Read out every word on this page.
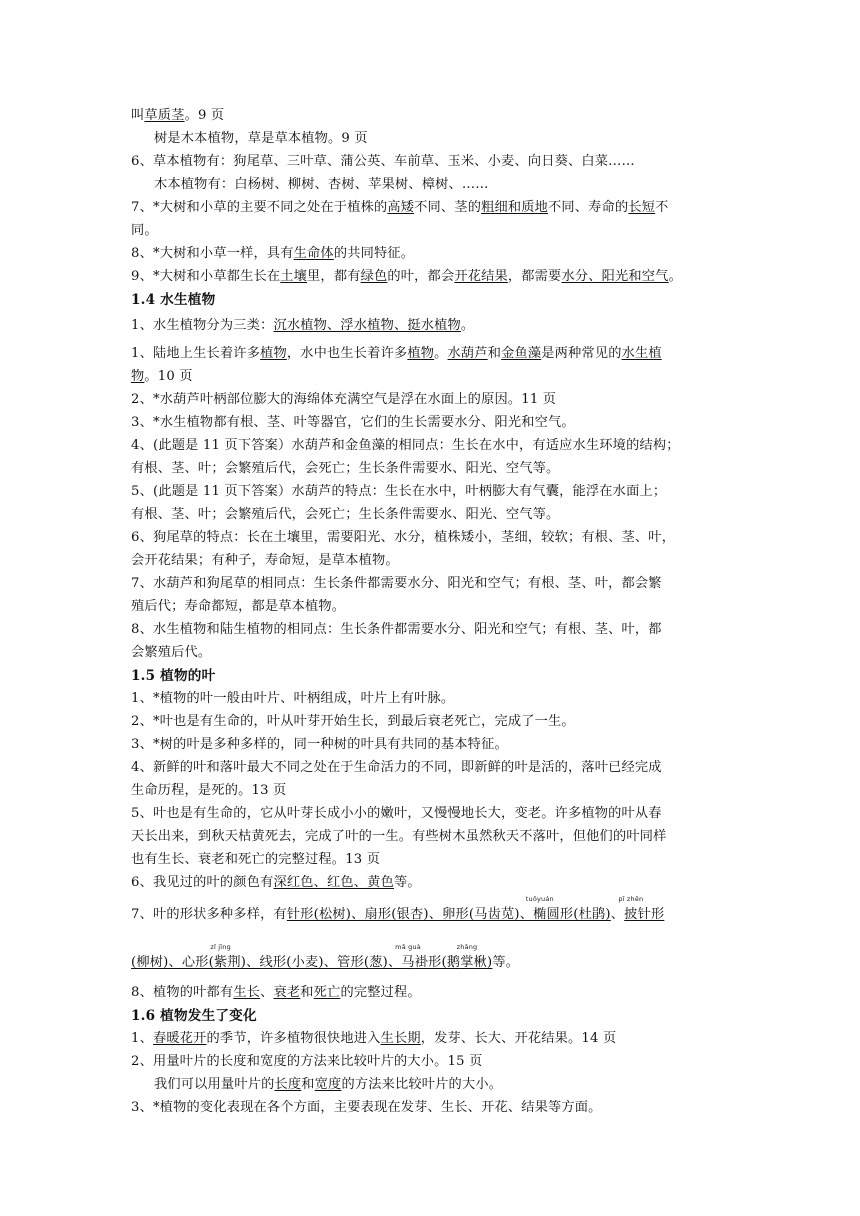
叫草质茎。9 页
树是木本植物，草是草本植物。9 页
6、草本植物有：狗尾草、三叶草、蒲公英、车前草、玉米、小麦、向日葵、白菜……
木本植物有：白杨树、柳树、杏树、苹果树、樟树、……
7、*大树和小草的主要不同之处在于植株的高矮不同、茎的粗细和质地不同、寿命的长短不
同。
8、*大树和小草一样，具有生命体的共同特征。
9、*大树和小草都生长在土壤里，都有绿色的叶，都会开花结果，都需要水分、阳光和空气。
1.4 水生植物
1、水生植物分为三类：沉水植物、浮水植物、挺水植物。
1、陆地上生长着许多植物，水中也生长着许多植物。水葫芦和金鱼藻是两种常见的水生植
物。10 页
2、*水葫芦叶柄部位膨大的海绵体充满空气是浮在水面上的原因。11 页
3、*水生植物都有根、茎、叶等器官，它们的生长需要水分、阳光和空气。
4、(此题是 11 页下答案）水葫芦和金鱼藻的相同点：生长在水中，有适应水生环境的结构；
有根、茎、叶；会繁殖后代，会死亡；生长条件需要水、阳光、空气等。
5、(此题是 11 页下答案）水葫芦的特点：生长在水中，叶柄膨大有气囊，能浮在水面上；
有根、茎、叶；会繁殖后代，会死亡；生长条件需要水、阳光、空气等。
6、狗尾草的特点：长在土壤里，需要阳光、水分，植株矮小，茎细，较软；有根、茎、叶，
会开花结果；有种子，寿命短，是草本植物。
7、水葫芦和狗尾草的相同点：生长条件都需要水分、阳光和空气；有根、茎、叶，都会繁
殖后代；寿命都短，都是草本植物。
8、水生植物和陆生植物的相同点：生长条件都需要水分、阳光和空气；有根、茎、叶，都
会繁殖后代。
1.5 植物的叶
1、*植物的叶一般由叶片、叶柄组成，叶片上有叶脉。
2、*叶也是有生命的，叶从叶芽开始生长，到最后衰老死亡，完成了一生。
3、*树的叶是多种多样的，同一种树的叶具有共同的基本特征。
4、新鲜的叶和落叶最大不同之处在于生命活力的不同，即新鲜的叶是活的，落叶已经完成
生命历程，是死的。13 页
5、叶也是有生命的，它从叶芽长成小小的嫩叶，又慢慢地长大，变老。许多植物的叶从春
天长出来，到秋天枯黄死去，完成了叶的一生。有些树木虽然秋天不落叶，但他们的叶同样
也有生长、衰老和死亡的完整过程。13 页
6、我见过的叶的颜色有深红色、红色、黄色等。
7、叶的形状多种多样，有针形(松树)、扇形(银杏)、卵形(马齿苋)、
tuǒyuán
椭圆形(杜鹃)、
pī zhēn
披针形
(柳树)、心形(
zǐ jīng
紫荆)、线形(小麦)、管形(葱)、
mǎ guà
马褂形(鹅
zhǎng
掌楸)等。
8、植物的叶都有生长、衰老和死亡的完整过程。
1.6 植物发生了变化
1、春暖花开的季节，许多植物很快地进入生长期，发芽、长大、开花结果。14 页
2、用量叶片的长度和宽度的方法来比较叶片的大小。15 页
我们可以用量叶片的长度和宽度的方法来比较叶片的大小。
3、*植物的变化表现在各个方面，主要表现在发芽、生长、开花、结果等方面。
